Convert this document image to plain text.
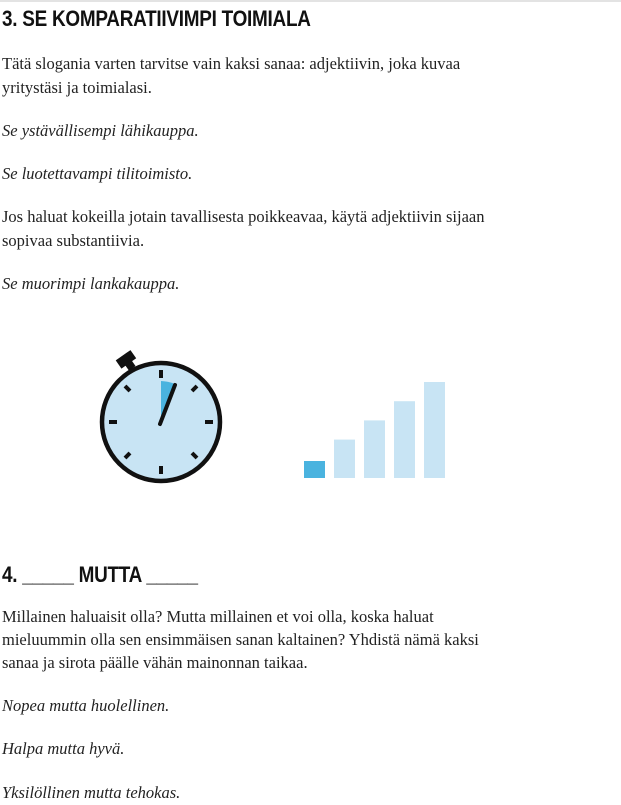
3. SE KOMPARATIIVIMPI TOIMIALA

Tätä slogania varten tarvitse vain kaksi sanaa: adjektiivin, joka kuvaa

yritystäsi ja toimialasi.

Se ystävällisempi lähikauppa.

Se luotettavampi tilitoimisto.

Jos haluat kokeilla jotain tavallisesta poikkeavaa, käytä adjektiivin sijaan

sopivaa substantiivia.

Se muorimpi lankakauppa.

4. _____ MUTTA _____

Millainen haluaisit olla? Mutta millainen et voi olla, koska haluat

mieluummin olla sen ensimmäisen sanan kaltainen? Yhdistä nämä kaksi

sanaa ja sirota päälle vähän mainonnan taikaa.

Nopea mutta huolellinen.

Halpa mutta hyvä.

Yksilöllinen mutta tehokas.
